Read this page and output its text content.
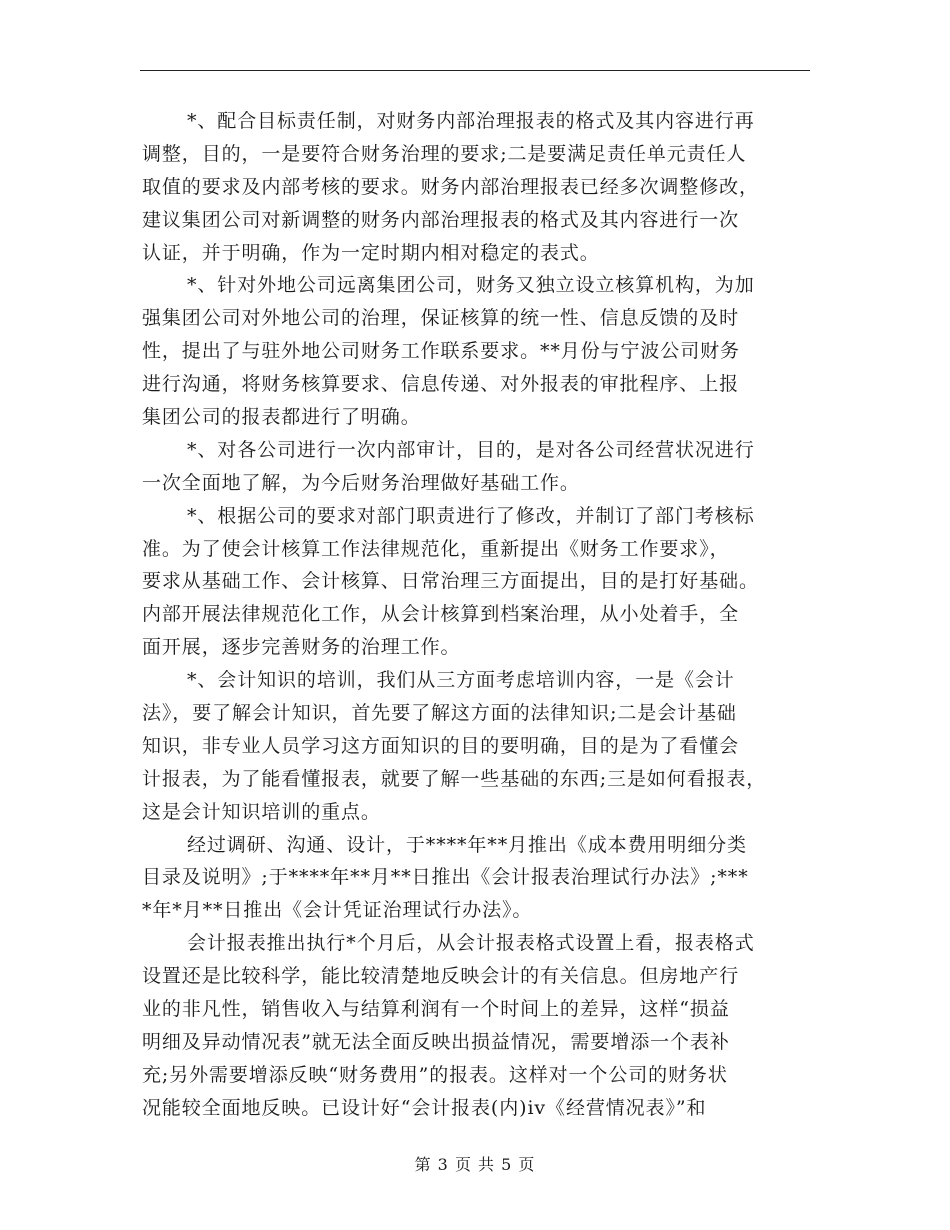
*、配合目标责任制，对财务内部治理报表的格式及其内容进行再
调整，目的，一是要符合财务治理的要求;二是要满足责任单元责任人
取值的要求及内部考核的要求。财务内部治理报表已经多次调整修改，
建议集团公司对新调整的财务内部治理报表的格式及其内容进行一次
认证，并于明确，作为一定时期内相对稳定的表式。
*、针对外地公司远离集团公司，财务又独立设立核算机构，为加
强集团公司对外地公司的治理，保证核算的统一性、信息反馈的及时
性，提出了与驻外地公司财务工作联系要求。**月份与宁波公司财务
进行沟通，将财务核算要求、信息传递、对外报表的审批程序、上报
集团公司的报表都进行了明确。
*、对各公司进行一次内部审计，目的，是对各公司经营状况进行
一次全面地了解，为今后财务治理做好基础工作。
*、根据公司的要求对部门职责进行了修改，并制订了部门考核标
准。为了使会计核算工作法律规范化，重新提出《财务工作要求》，
要求从基础工作、会计核算、日常治理三方面提出，目的是打好基础。
内部开展法律规范化工作，从会计核算到档案治理，从小处着手，全
面开展，逐步完善财务的治理工作。
*、会计知识的培训，我们从三方面考虑培训内容，一是《会计
法》，要了解会计知识，首先要了解这方面的法律知识;二是会计基础
知识，非专业人员学习这方面知识的目的要明确，目的是为了看懂会
计报表，为了能看懂报表，就要了解一些基础的东西;三是如何看报表，
这是会计知识培训的重点。
经过调研、沟通、设计，于****年**月推出《成本费用明细分类
目录及说明》;于****年**月**日推出《会计报表治理试行办法》;***
*年*月**日推出《会计凭证治理试行办法》。
会计报表推出执行*个月后，从会计报表格式设置上看，报表格式
设置还是比较科学，能比较清楚地反映会计的有关信息。但房地产行
业的非凡性，销售收入与结算利润有一个时间上的差异，这样“损益
明细及异动情况表”就无法全面反映出损益情况，需要增添一个表补
充;另外需要增添反映“财务费用”的报表。这样对一个公司的财务状
况能较全面地反映。已设计好“会计报表(内)iv《经营情况表》”和
第 3 页 共 5 页
